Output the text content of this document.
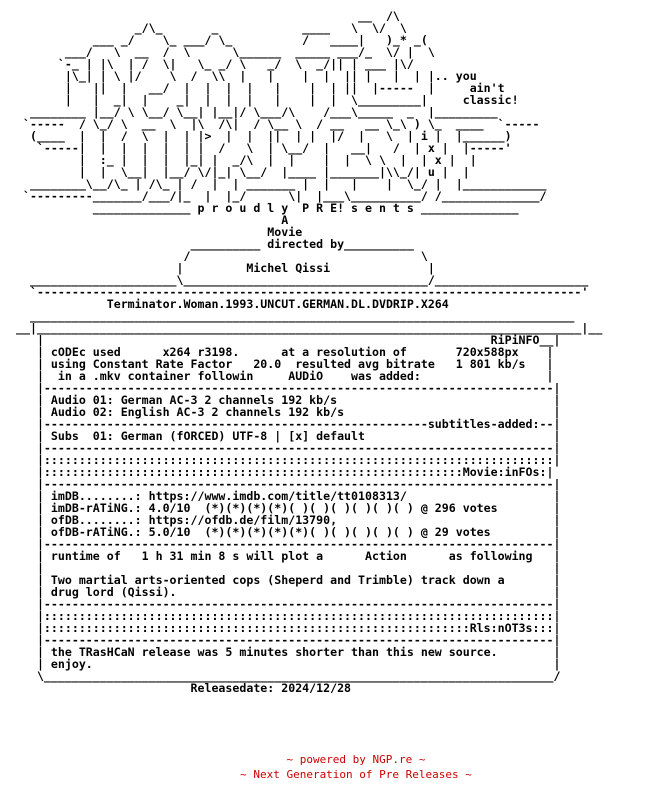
__  /\
_/\_       _            ____   \  \/  \
___ _/    \_ ___/ \_          /   ____|   )_* _(
___/   \  __  /  \      \______  _____ ___/_  \/ |  \
`-_ | |\  | /  \|   \_ _/ \   _/  \  _/|| | ___ |\/
|\_| | \ |/    \  /  \\  |   |    |  |  || |   |  | |.. you
|   ||  |   __/  |  |  |  |   |    |  | ||  |-----  |     ain't
|   |  _|  |    _|  |  |  |   |    |  |  \_________|     classic!
________ |__/ \ \__/ \__| |__|/ \___/\    /___\_____  _  |_________
`-----  / \_/ \  __  \  |\  /\|  / \__ \  / __   __ \_\ ) \_  ____  `-----
(____  |  |  /  \  |  | |>  |  |  ||  | |  |/  |   \  | i |  |______)
`-----|  |  |  |  |  | |  /   \  | \__/  |   __|   /  | x |  |-----'
|  :_ |  |  |  |_| |  _/\  |  |    |  |  \ \  |  | x |  |
|  |  \__|  |__/ \/|_| \__/  |____ |_______|\\_/| u |  |
________\__/\_ | /\_ | /  |  | _______ |  |   |    |  \_/ |  |____________
`---------_______/___/|_  |  |_/      \|  |___\__________/ /______________/
______________ p r o u d l y  P R E! s e n t s ______________
A
Movie
__________ directed by__________
/                                 \
|         Michel Qissi              |
_____________________\___________________________________/______________________
`------------------------------------------------------------------------------'
Terminator.Woman.1993.UNCUT.GERMAN.DL.DVDRIP.X264
______________________________________________________________________________
__|______________________________________________________________________________|__
|                                                                RiPiNFO__|
| cODEc used      x264 r3198.      at a resolution of       720x588px    |
| using Constant Rate Factor   20.0  resulted avg bitrate   1 801 kb/s   |
|  in a .mkv container followin     AUDiO    was added:                  |
|-------------------------------------------------------------------------|
| Audio 01: German AC-3 2 channels 192 kb/s                               |
| Audio 02: English AC-3 2 channels 192 kb/s                              |
|-------------------------------------------------------subtitles-added:--|
| Subs  01: German (fORCED) UTF-8 | [x] default                           |
|-------------------------------------------------------------------------|
|:::::::::::::::::::::::::::::::::::::::::::::::::::::::::::::::::::::::::|
|::::::::::::::::::::::::::::::::::::::::::::::::::::::::::::Movie:inFOs:|
|-------------------------------------------------------------------------|
| imDB........: https://www.imdb.com/title/tt0108313/                     |
| imDB-rATiNG.: 4.0/10  (*)(*)(*)(*)( )( )( )( )( )( ) @ 296 votes        |
| ofDB........: https://ofdb.de/film/13790,                               |
| ofDB-rATiNG.: 5.0/10  (*)(*)(*)(*)(*)( )( )( )( )( ) @ 29 votes         |
|-------------------------------------------------------------------------|
| runtime of   1 h 31 min 8 s will plot a      Action      as following   |
|                                                                         |
| Two martial arts-oriented cops (Sheperd and Trimble) track down a       |
| drug lord (Qissi).                                                      |
|-------------------------------------------------------------------------|
|:::::::::::::::::::::::::::::::::::::::::::::::::::::::::::::::::::::::::|
|:::::::::::::::::::::::::::::::::::::::::::::::::::::::::::::Rls:nOT3s:::|
|-------------------------------------------------------------------------|
| the TRasHCaN release was 5 minutes shorter than this new source.        |
| enjoy.                                                                  |
\_________________________________________________________________________/
Releasedate: 2024/12/28
~ powered by NGP.re ~
~ Next Generation of Pre Releases ~
